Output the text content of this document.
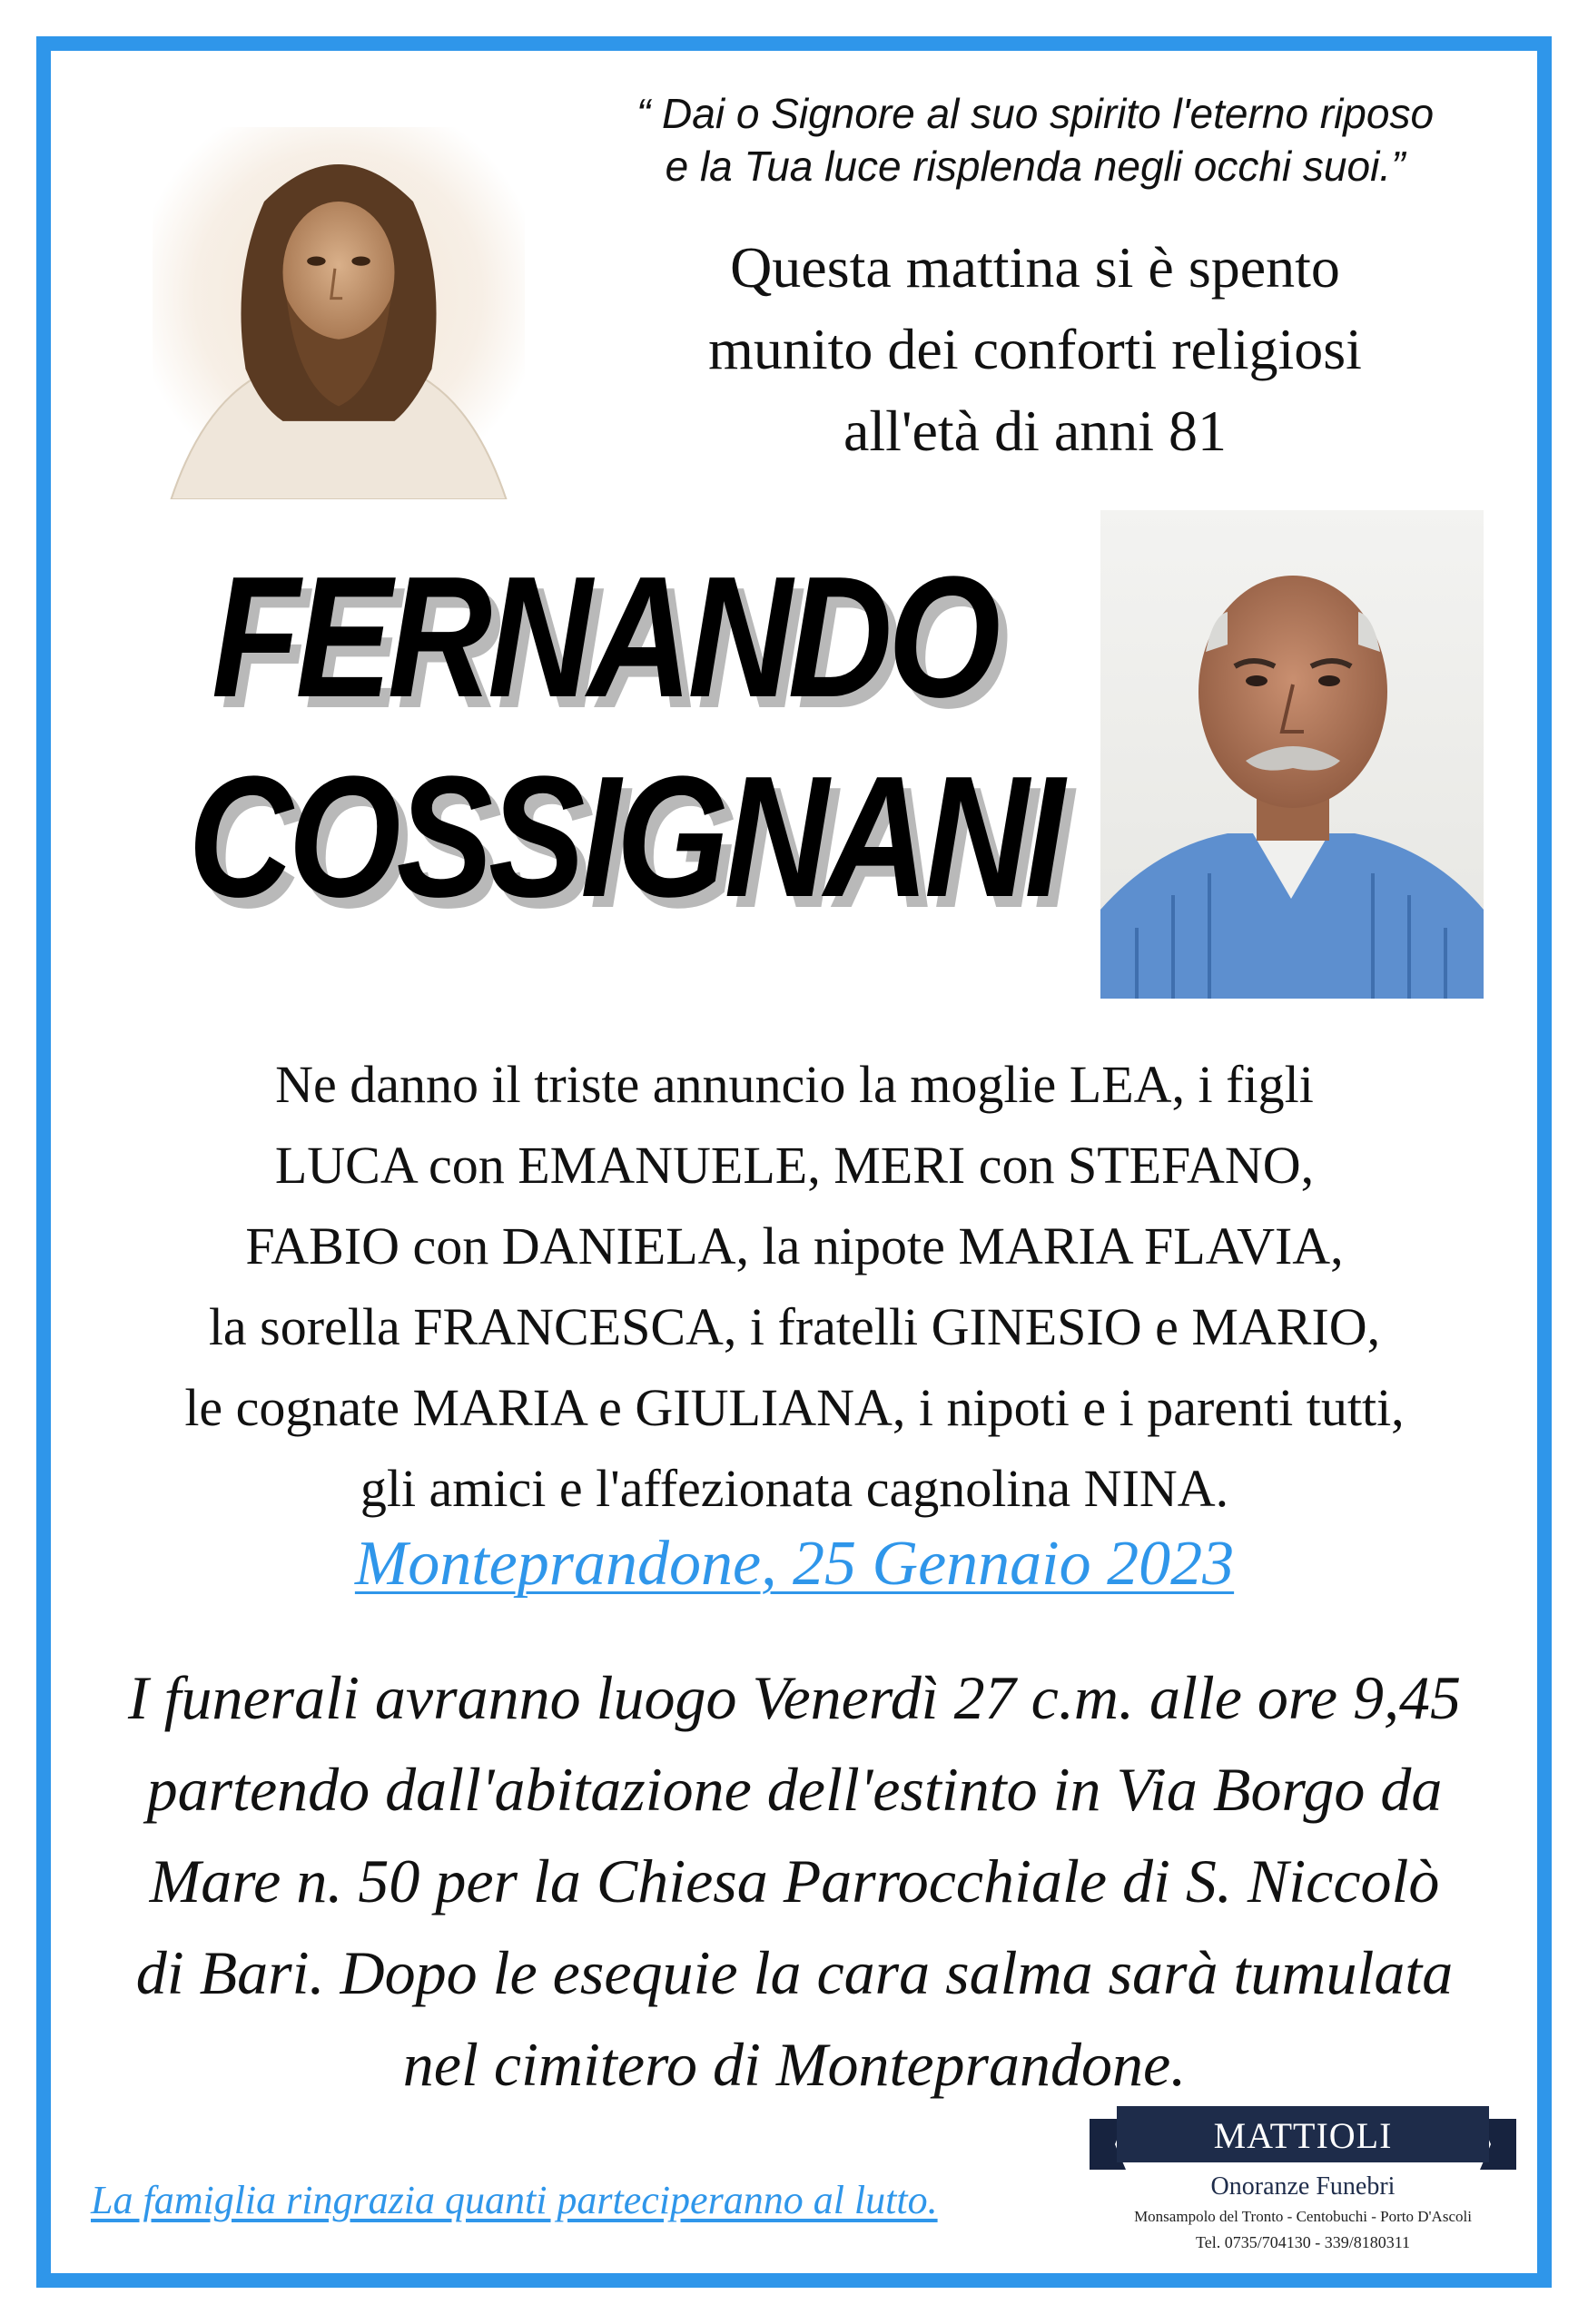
“ Dai o Signore al suo spirito l'eterno riposo
e la Tua luce risplenda negli occhi suoi.”
Questa mattina si è spento
munito dei conforti religiosi
all'età di anni 81
FERNANDO
COSSIGNANI
Ne danno il triste annuncio la moglie LEA, i figli
LUCA con EMANUELE, MERI con STEFANO,
FABIO con DANIELA, la nipote MARIA FLAVIA,
la sorella FRANCESCA, i fratelli GINESIO e MARIO,
le cognate MARIA e GIULIANA, i nipoti e i parenti tutti,
gli amici e l'affezionata cagnolina NINA.
Monteprandone, 25 Gennaio 2023
I funerali avranno luogo Venerdì 27 c.m. alle ore 9,45
partendo dall'abitazione dell'estinto in Via Borgo da
Mare n. 50 per la Chiesa Parrocchiale di S. Niccolò
di Bari. Dopo le esequie la cara salma sarà tumulata
nel cimitero di Monteprandone.
La famiglia ringrazia quanti parteciperanno al lutto.
MATTIOLI
Onoranze Funebri
Monsampolo del Tronto - Centobuchi - Porto D'Ascoli
Tel. 0735/704130 - 339/8180311
